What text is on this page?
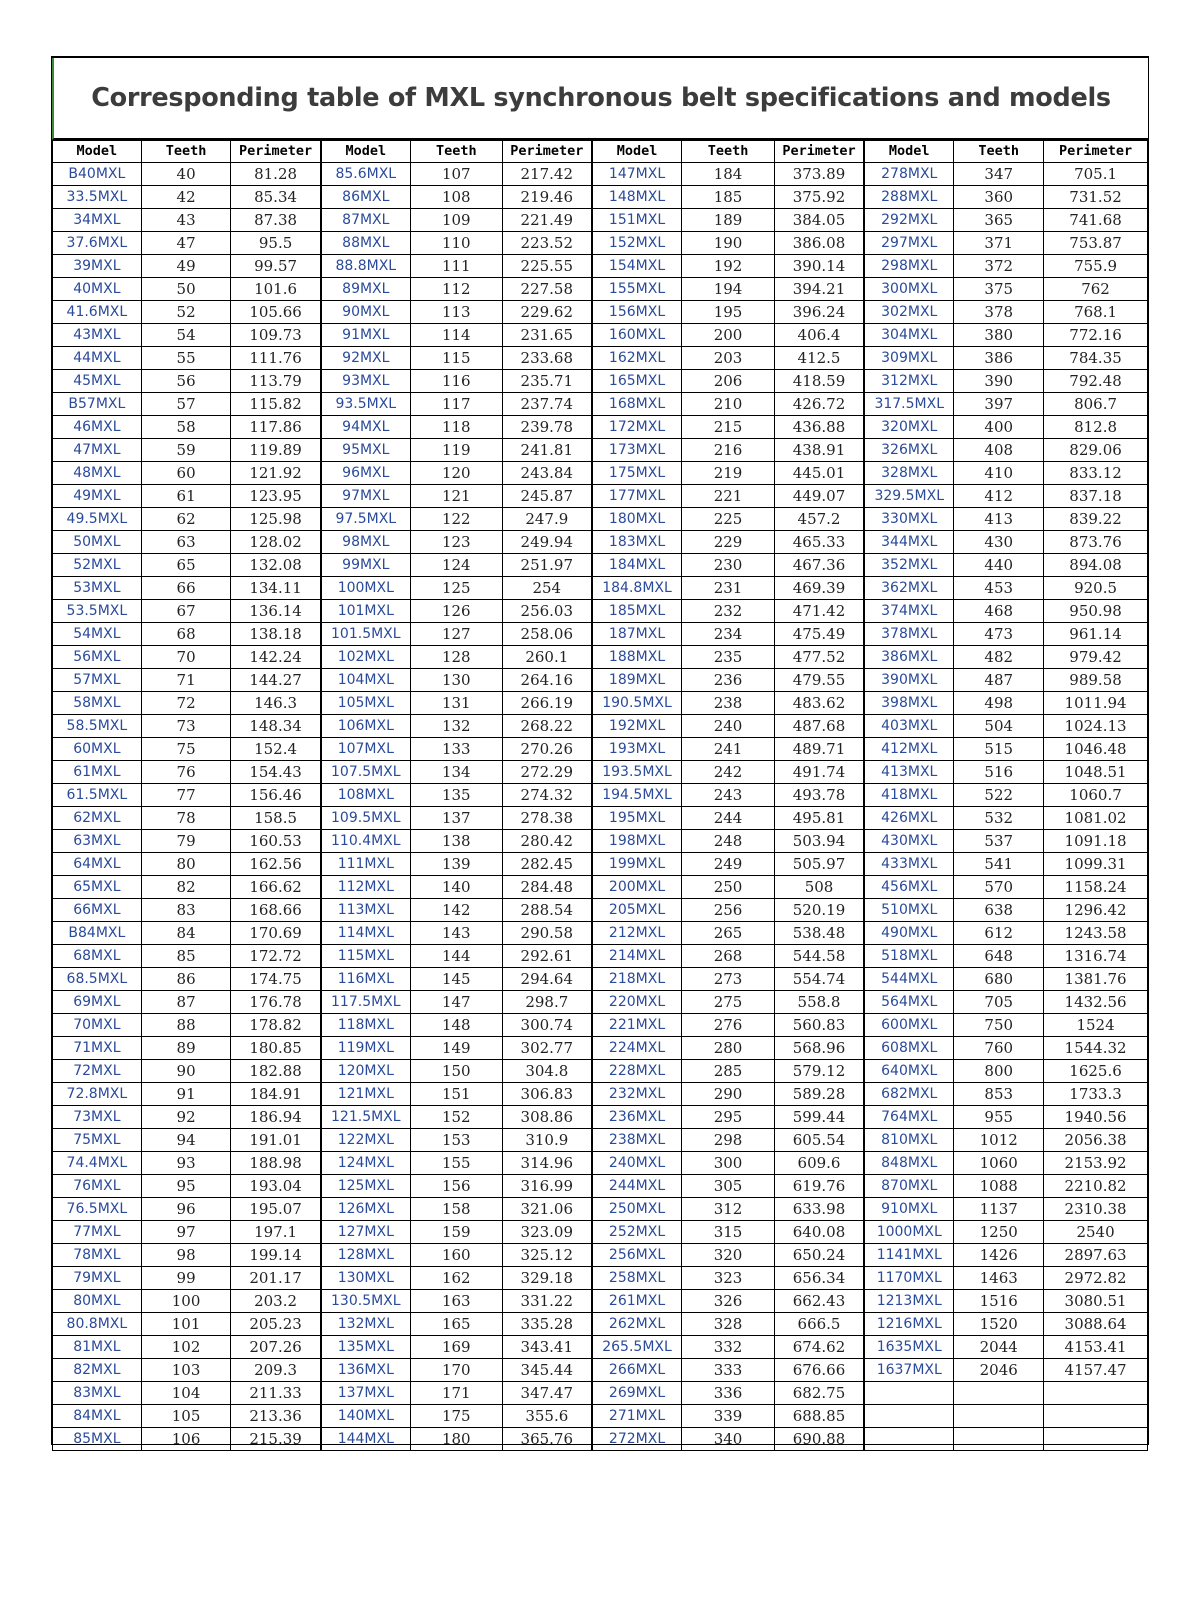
Corresponding table of MXL synchronous belt specifications and models
Model	Teeth	Perimeter	Model	Teeth	Perimeter	Model	Teeth	Perimeter	Model	Teeth	Perimeter
B40MXL	40	81.28	85.6MXL	107	217.42	147MXL	184	373.89	278MXL	347	705.1
33.5MXL	42	85.34	86MXL	108	219.46	148MXL	185	375.92	288MXL	360	731.52
34MXL	43	87.38	87MXL	109	221.49	151MXL	189	384.05	292MXL	365	741.68
37.6MXL	47	95.5	88MXL	110	223.52	152MXL	190	386.08	297MXL	371	753.87
39MXL	49	99.57	88.8MXL	111	225.55	154MXL	192	390.14	298MXL	372	755.9
40MXL	50	101.6	89MXL	112	227.58	155MXL	194	394.21	300MXL	375	762
41.6MXL	52	105.66	90MXL	113	229.62	156MXL	195	396.24	302MXL	378	768.1
43MXL	54	109.73	91MXL	114	231.65	160MXL	200	406.4	304MXL	380	772.16
44MXL	55	111.76	92MXL	115	233.68	162MXL	203	412.5	309MXL	386	784.35
45MXL	56	113.79	93MXL	116	235.71	165MXL	206	418.59	312MXL	390	792.48
B57MXL	57	115.82	93.5MXL	117	237.74	168MXL	210	426.72	317.5MXL	397	806.7
46MXL	58	117.86	94MXL	118	239.78	172MXL	215	436.88	320MXL	400	812.8
47MXL	59	119.89	95MXL	119	241.81	173MXL	216	438.91	326MXL	408	829.06
48MXL	60	121.92	96MXL	120	243.84	175MXL	219	445.01	328MXL	410	833.12
49MXL	61	123.95	97MXL	121	245.87	177MXL	221	449.07	329.5MXL	412	837.18
49.5MXL	62	125.98	97.5MXL	122	247.9	180MXL	225	457.2	330MXL	413	839.22
50MXL	63	128.02	98MXL	123	249.94	183MXL	229	465.33	344MXL	430	873.76
52MXL	65	132.08	99MXL	124	251.97	184MXL	230	467.36	352MXL	440	894.08
53MXL	66	134.11	100MXL	125	254	184.8MXL	231	469.39	362MXL	453	920.5
53.5MXL	67	136.14	101MXL	126	256.03	185MXL	232	471.42	374MXL	468	950.98
54MXL	68	138.18	101.5MXL	127	258.06	187MXL	234	475.49	378MXL	473	961.14
56MXL	70	142.24	102MXL	128	260.1	188MXL	235	477.52	386MXL	482	979.42
57MXL	71	144.27	104MXL	130	264.16	189MXL	236	479.55	390MXL	487	989.58
58MXL	72	146.3	105MXL	131	266.19	190.5MXL	238	483.62	398MXL	498	1011.94
58.5MXL	73	148.34	106MXL	132	268.22	192MXL	240	487.68	403MXL	504	1024.13
60MXL	75	152.4	107MXL	133	270.26	193MXL	241	489.71	412MXL	515	1046.48
61MXL	76	154.43	107.5MXL	134	272.29	193.5MXL	242	491.74	413MXL	516	1048.51
61.5MXL	77	156.46	108MXL	135	274.32	194.5MXL	243	493.78	418MXL	522	1060.7
62MXL	78	158.5	109.5MXL	137	278.38	195MXL	244	495.81	426MXL	532	1081.02
63MXL	79	160.53	110.4MXL	138	280.42	198MXL	248	503.94	430MXL	537	1091.18
64MXL	80	162.56	111MXL	139	282.45	199MXL	249	505.97	433MXL	541	1099.31
65MXL	82	166.62	112MXL	140	284.48	200MXL	250	508	456MXL	570	1158.24
66MXL	83	168.66	113MXL	142	288.54	205MXL	256	520.19	510MXL	638	1296.42
B84MXL	84	170.69	114MXL	143	290.58	212MXL	265	538.48	490MXL	612	1243.58
68MXL	85	172.72	115MXL	144	292.61	214MXL	268	544.58	518MXL	648	1316.74
68.5MXL	86	174.75	116MXL	145	294.64	218MXL	273	554.74	544MXL	680	1381.76
69MXL	87	176.78	117.5MXL	147	298.7	220MXL	275	558.8	564MXL	705	1432.56
70MXL	88	178.82	118MXL	148	300.74	221MXL	276	560.83	600MXL	750	1524
71MXL	89	180.85	119MXL	149	302.77	224MXL	280	568.96	608MXL	760	1544.32
72MXL	90	182.88	120MXL	150	304.8	228MXL	285	579.12	640MXL	800	1625.6
72.8MXL	91	184.91	121MXL	151	306.83	232MXL	290	589.28	682MXL	853	1733.3
73MXL	92	186.94	121.5MXL	152	308.86	236MXL	295	599.44	764MXL	955	1940.56
75MXL	94	191.01	122MXL	153	310.9	238MXL	298	605.54	810MXL	1012	2056.38
74.4MXL	93	188.98	124MXL	155	314.96	240MXL	300	609.6	848MXL	1060	2153.92
76MXL	95	193.04	125MXL	156	316.99	244MXL	305	619.76	870MXL	1088	2210.82
76.5MXL	96	195.07	126MXL	158	321.06	250MXL	312	633.98	910MXL	1137	2310.38
77MXL	97	197.1	127MXL	159	323.09	252MXL	315	640.08	1000MXL	1250	2540
78MXL	98	199.14	128MXL	160	325.12	256MXL	320	650.24	1141MXL	1426	2897.63
79MXL	99	201.17	130MXL	162	329.18	258MXL	323	656.34	1170MXL	1463	2972.82
80MXL	100	203.2	130.5MXL	163	331.22	261MXL	326	662.43	1213MXL	1516	3080.51
80.8MXL	101	205.23	132MXL	165	335.28	262MXL	328	666.5	1216MXL	1520	3088.64
81MXL	102	207.26	135MXL	169	343.41	265.5MXL	332	674.62	1635MXL	2044	4153.41
82MXL	103	209.3	136MXL	170	345.44	266MXL	333	676.66	1637MXL	2046	4157.47
83MXL	104	211.33	137MXL	171	347.47	269MXL	336	682.75			
84MXL	105	213.36	140MXL	175	355.6	271MXL	339	688.85			
85MXL	106	215.39	144MXL	180	365.76	272MXL	340	690.88			
